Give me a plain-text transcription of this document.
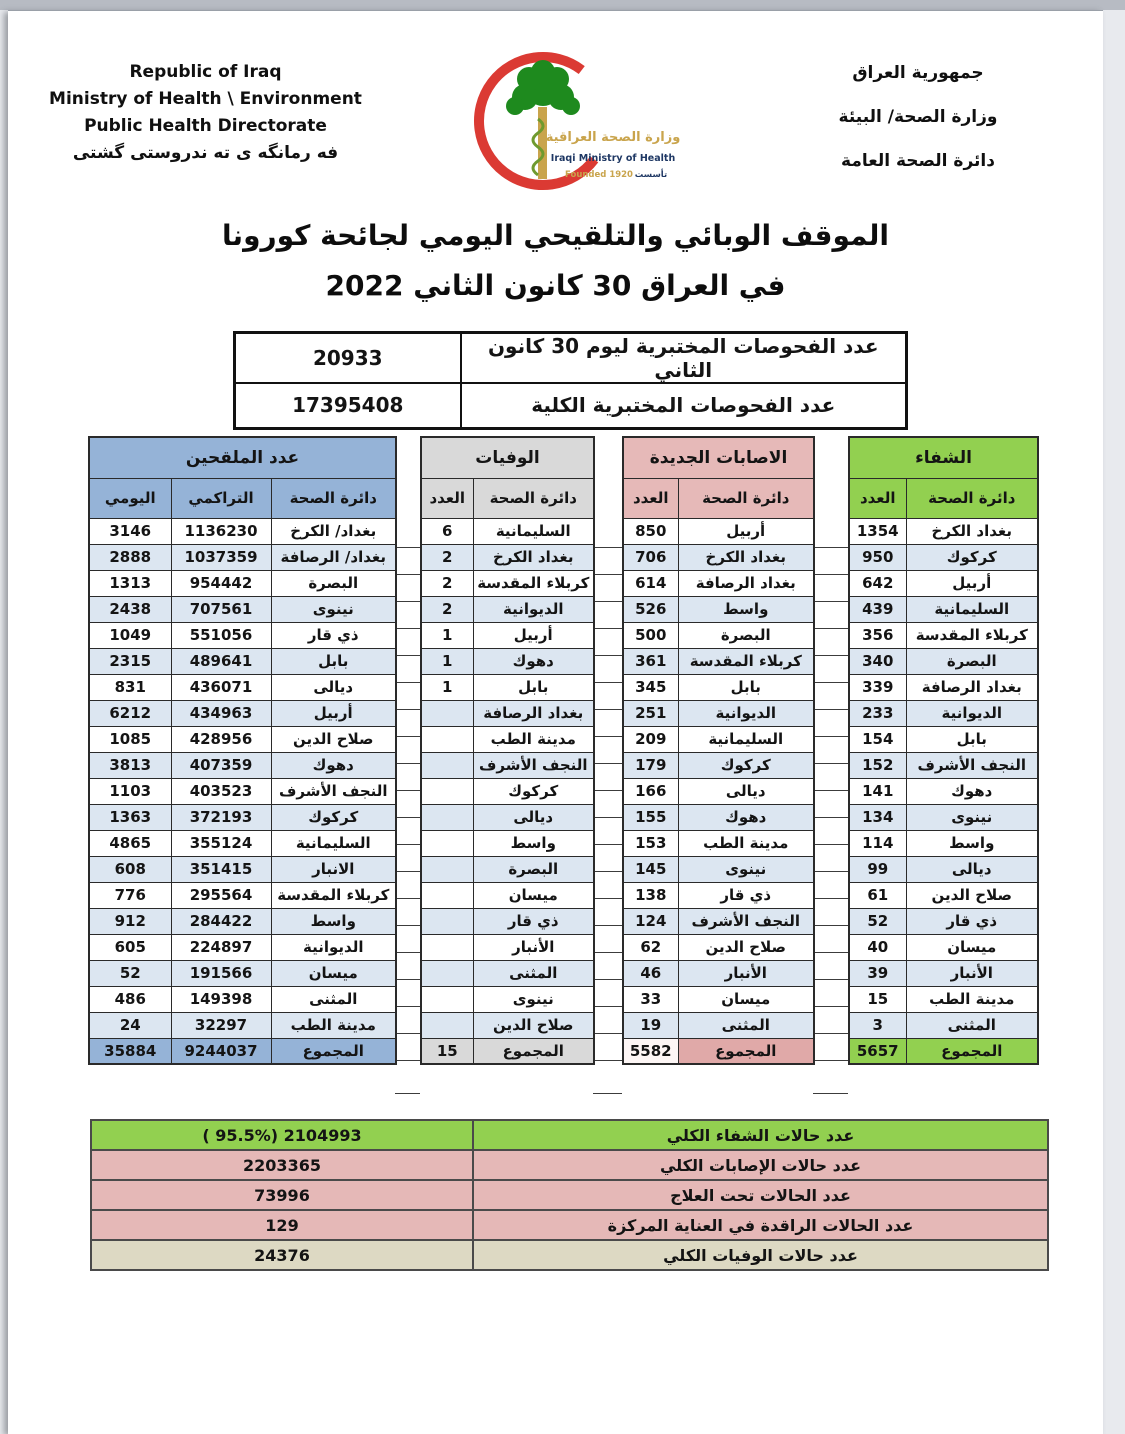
Republic of Iraq
Ministry of Health \ Environment
Public Health Directorate
فه رمانگه ى ته ندروستى گشتى
وزارة الصحة العراقية
Iraqi Ministry of Health
Founded 1920 تأسست
جمهورية العراق
وزارة الصحة/ البيئة
دائرة الصحة العامة
الموقف الوبائي والتلقيحي اليومي لجائحة كورونا
في العراق 30 كانون الثاني 2022
20933	عدد الفحوصات المختبرية ليوم 30 كانون الثاني
17395408	عدد الفحوصات المختبرية الكلية
عدد الملقحين		
اليومي	التراكمي	دائرة الصحة
3146	1136230	بغداد/ الكرخ
2888	1037359	بغداد/ الرصافة
1313	954442	البصرة
2438	707561	نينوى
1049	551056	ذي قار
2315	489641	بابل
831	436071	ديالى
6212	434963	أربيل
1085	428956	صلاح الدين
3813	407359	دهوك
1103	403523	النجف الأشرف
1363	372193	كركوك
4865	355124	السليمانية
608	351415	الانبار
776	295564	كربلاء المقدسة
912	284422	واسط
605	224897	الديوانية
52	191566	ميسان
486	149398	المثنى
24	32297	مدينة الطب
35884	9244037	المجموع
الوفيات	
العدد	دائرة الصحة
6	السليمانية
2	بغداد الكرخ
2	كربلاء المقدسة
2	الديوانية
1	أربيل
1	دهوك
1	بابل
	بغداد الرصافة
	مدينة الطب
	النجف الأشرف
	كركوك
	ديالى
	واسط
	البصرة
	ميسان
	ذي قار
	الأنبار
	المثنى
	نينوى
	صلاح الدين
15	المجموع
الاصابات الجديدة	
العدد	دائرة الصحة
850	أربيل
706	بغداد الكرخ
614	بغداد الرصافة
526	واسط
500	البصرة
361	كربلاء المقدسة
345	بابل
251	الديوانية
209	السليمانية
179	كركوك
166	ديالى
155	دهوك
153	مدينة الطب
145	نينوى
138	ذي قار
124	النجف الأشرف
62	صلاح الدين
46	الأنبار
33	ميسان
19	المثنى
5582	المجموع
الشفاء	
العدد	دائرة الصحة
1354	بغداد الكرخ
950	كركوك
642	أربيل
439	السليمانية
356	كربلاء المقدسة
340	البصرة
339	بغداد الرصافة
233	الديوانية
154	بابل
152	النجف الأشرف
141	دهوك
134	نينوى
114	واسط
99	ديالى
61	صلاح الدين
52	ذي قار
40	ميسان
39	الأنبار
15	مدينة الطب
3	المثنى
5657	المجموع
( 95.5%) 2104993	عدد حالات الشفاء الكلي
2203365	عدد حالات الإصابات الكلي
73996	عدد الحالات تحت العلاج
129	عدد الحالات الراقدة في العناية المركزة
24376	عدد حالات الوفيات الكلي
